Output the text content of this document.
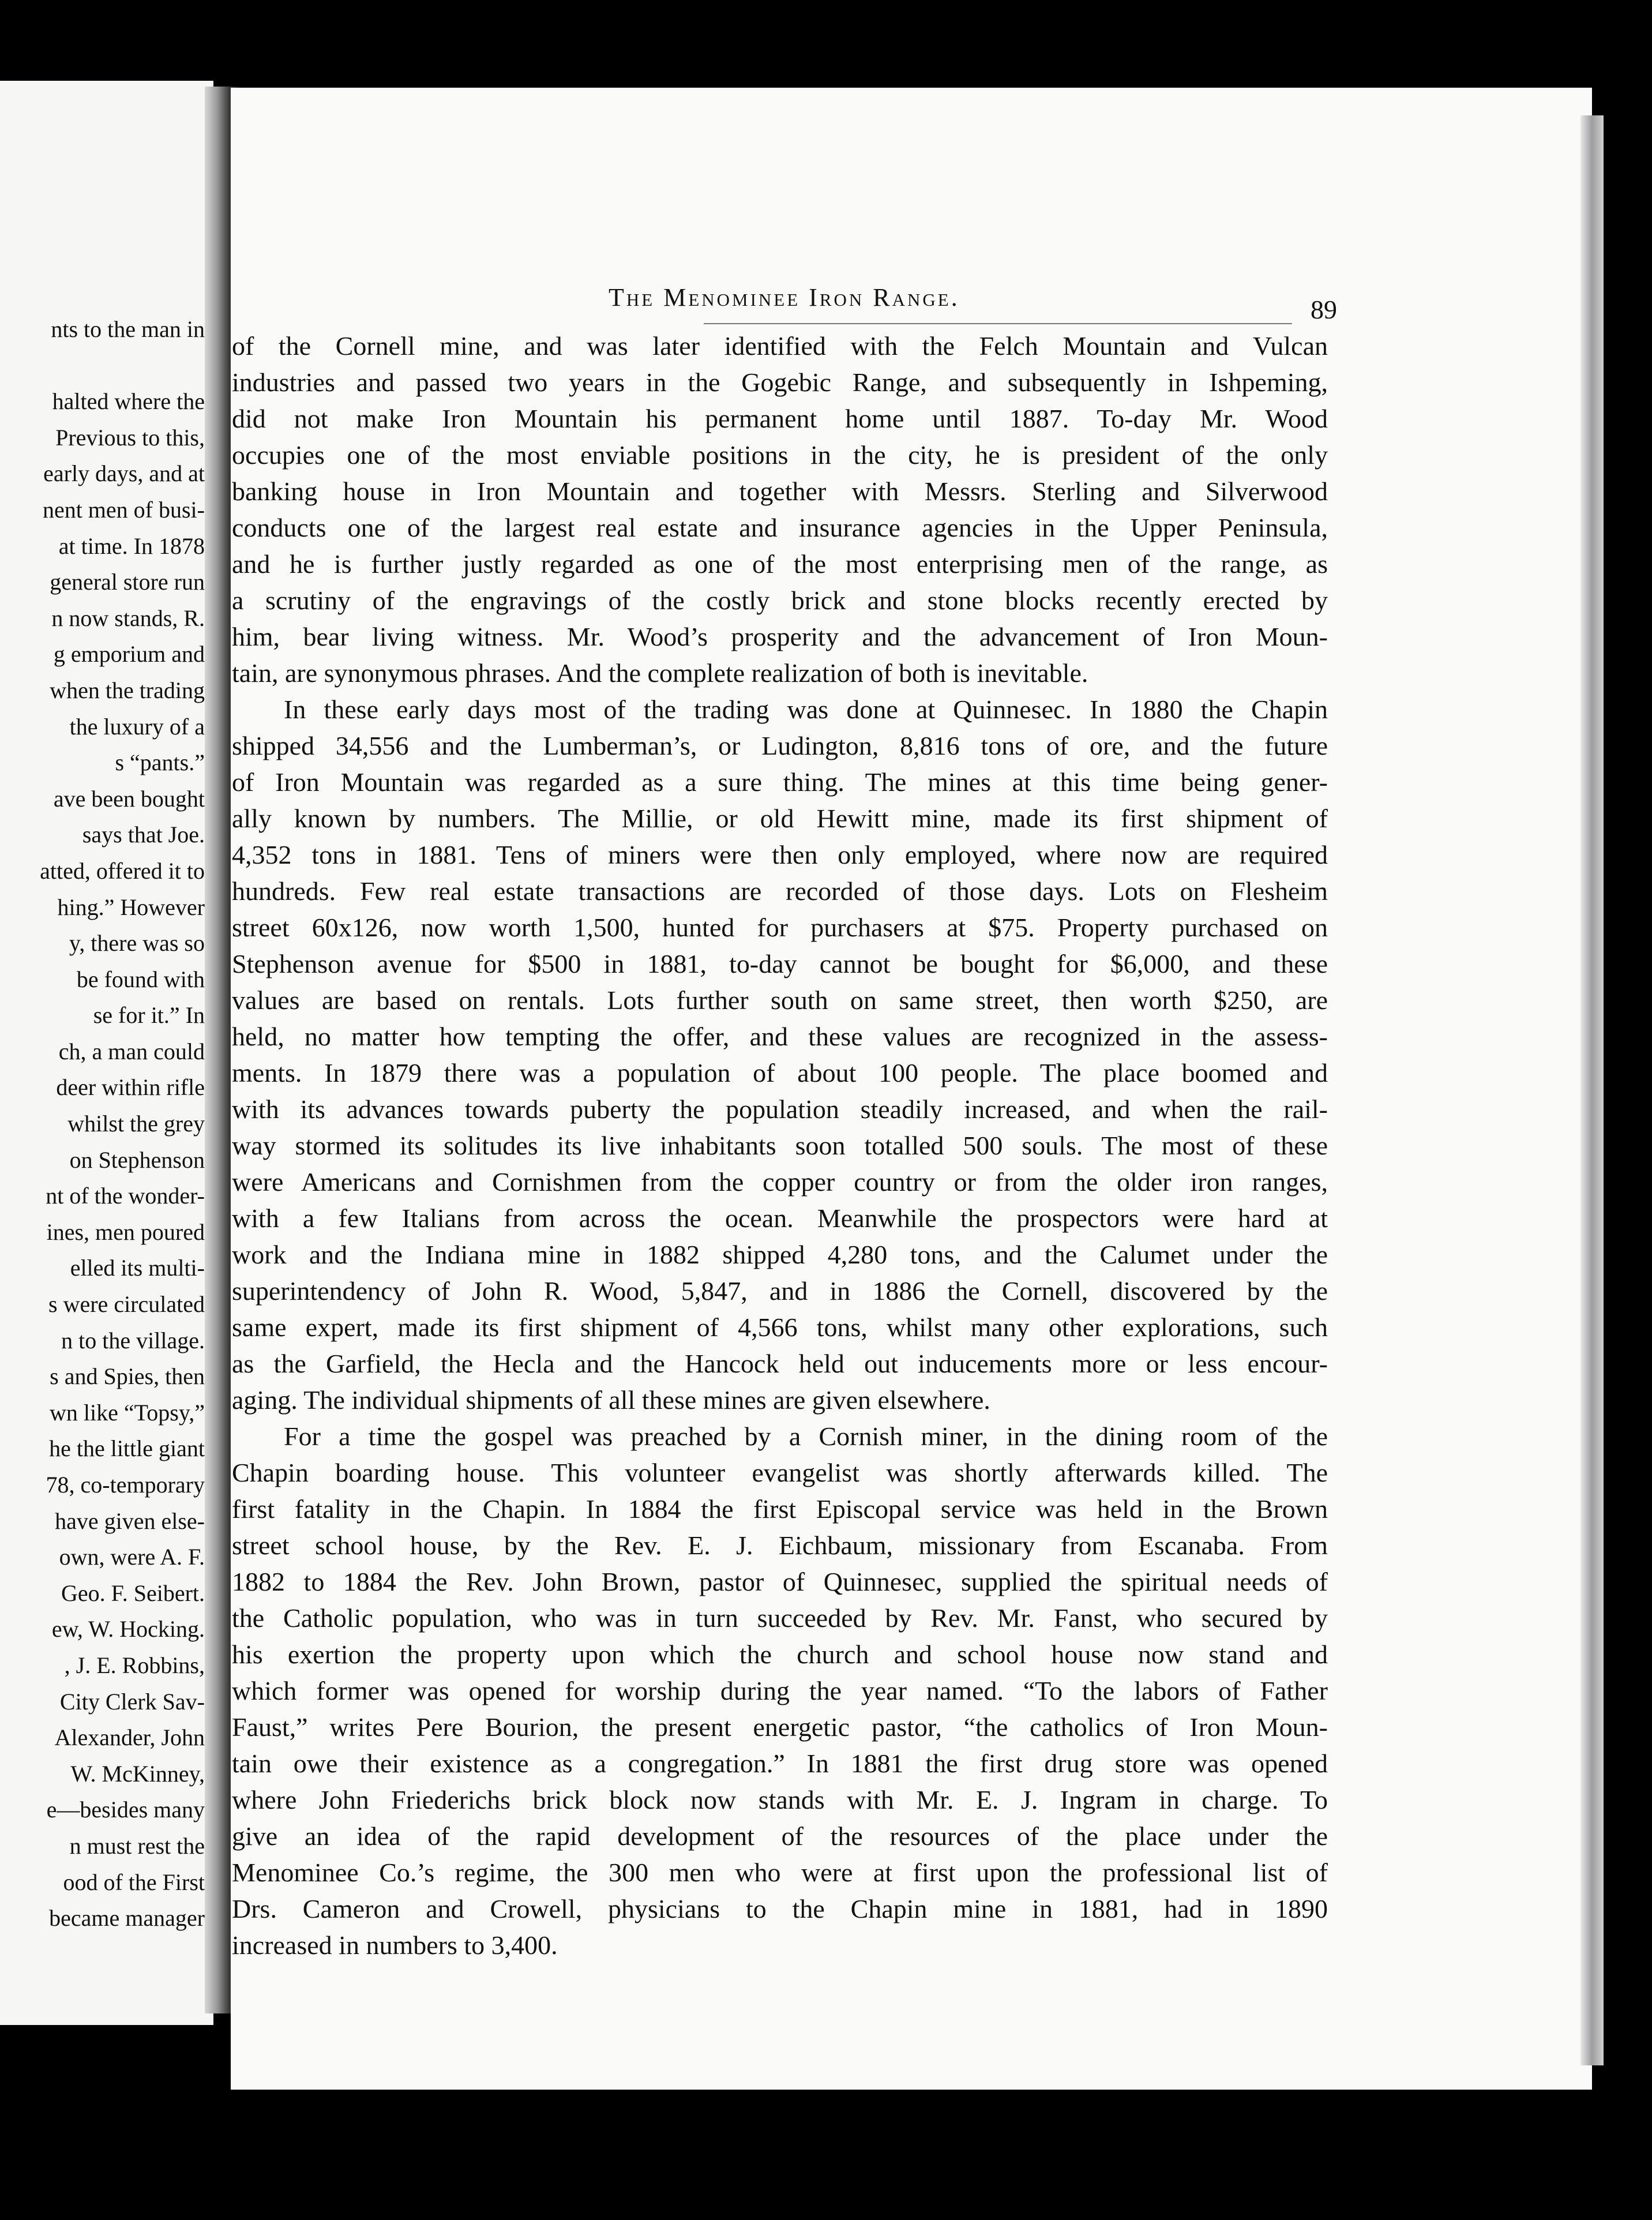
nts to the man in

halted where the
Previous to this,
early days, and at
nent men of busi-
at time. In 1878
general store run
n now stands, R.
g emporium and
when the trading
the luxury of a
s “pants.”
ave been bought
says that Joe.
atted, offered it to
hing.” However
y, there was so
be found with
se for it.” In
ch, a man could
deer within rifle
whilst the grey
on Stephenson
nt of the wonder-
ines, men poured
elled its multi-
s were circulated
n to the village.
s and Spies, then
wn like “Topsy,”
he the little giant
78, co-temporary
have given else-
own, were A. F.
Geo. F. Seibert.
ew, W. Hocking.
, J. E. Robbins,
City Clerk Sav-
Alexander, John
W. McKinney,
e—besides many
n must rest the
ood of the First
became manager
The Menominee Iron Range.	89
of the Cornell mine, and was later identified with the Felch Mountain and Vulcan
industries and passed two years in the Gogebic Range, and subsequently in Ishpeming,
did not make Iron Mountain his permanent home until 1887. To-day Mr. Wood
occupies one of the most enviable positions in the city, he is president of the only
banking house in Iron Mountain and together with Messrs. Sterling and Silverwood
conducts one of the largest real estate and insurance agencies in the Upper Peninsula,
and he is further justly regarded as one of the most enterprising men of the range, as
a scrutiny of the engravings of the costly brick and stone blocks recently erected by
him, bear living witness. Mr. Wood’s prosperity and the advancement of Iron Moun-
tain, are synonymous phrases. And the complete realization of both is inevitable.
In these early days most of the trading was done at Quinnesec. In 1880 the Chapin
shipped 34,556 and the Lumberman’s, or Ludington, 8,816 tons of ore, and the future
of Iron Mountain was regarded as a sure thing. The mines at this time being gener-
ally known by numbers. The Millie, or old Hewitt mine, made its first shipment of
4,352 tons in 1881. Tens of miners were then only employed, where now are required
hundreds. Few real estate transactions are recorded of those days. Lots on Flesheim
street 60x126, now worth 1,500, hunted for purchasers at $75. Property purchased on
Stephenson avenue for $500 in 1881, to-day cannot be bought for $6,000, and these
values are based on rentals. Lots further south on same street, then worth $250, are
held, no matter how tempting the offer, and these values are recognized in the assess-
ments. In 1879 there was a population of about 100 people. The place boomed and
with its advances towards puberty the population steadily increased, and when the rail-
way stormed its solitudes its live inhabitants soon totalled 500 souls. The most of these
were Americans and Cornishmen from the copper country or from the older iron ranges,
with a few Italians from across the ocean. Meanwhile the prospectors were hard at
work and the Indiana mine in 1882 shipped 4,280 tons, and the Calumet under the
superintendency of John R. Wood, 5,847, and in 1886 the Cornell, discovered by the
same expert, made its first shipment of 4,566 tons, whilst many other explorations, such
as the Garfield, the Hecla and the Hancock held out inducements more or less encour-
aging. The individual shipments of all these mines are given elsewhere.
For a time the gospel was preached by a Cornish miner, in the dining room of the
Chapin boarding house. This volunteer evangelist was shortly afterwards killed. The
first fatality in the Chapin. In 1884 the first Episcopal service was held in the Brown
street school house, by the Rev. E. J. Eichbaum, missionary from Escanaba. From
1882 to 1884 the Rev. John Brown, pastor of Quinnesec, supplied the spiritual needs of
the Catholic population, who was in turn succeeded by Rev. Mr. Fanst, who secured by
his exertion the property upon which the church and school house now stand and
which former was opened for worship during the year named. “To the labors of Father
Faust,” writes Pere Bourion, the present energetic pastor, “the catholics of Iron Moun-
tain owe their existence as a congregation.” In 1881 the first drug store was opened
where John Friederichs brick block now stands with Mr. E. J. Ingram in charge. To
give an idea of the rapid development of the resources of the place under the
Menominee Co.’s regime, the 300 men who were at first upon the professional list of
Drs. Cameron and Crowell, physicians to the Chapin mine in 1881, had in 1890
increased in numbers to 3,400.
